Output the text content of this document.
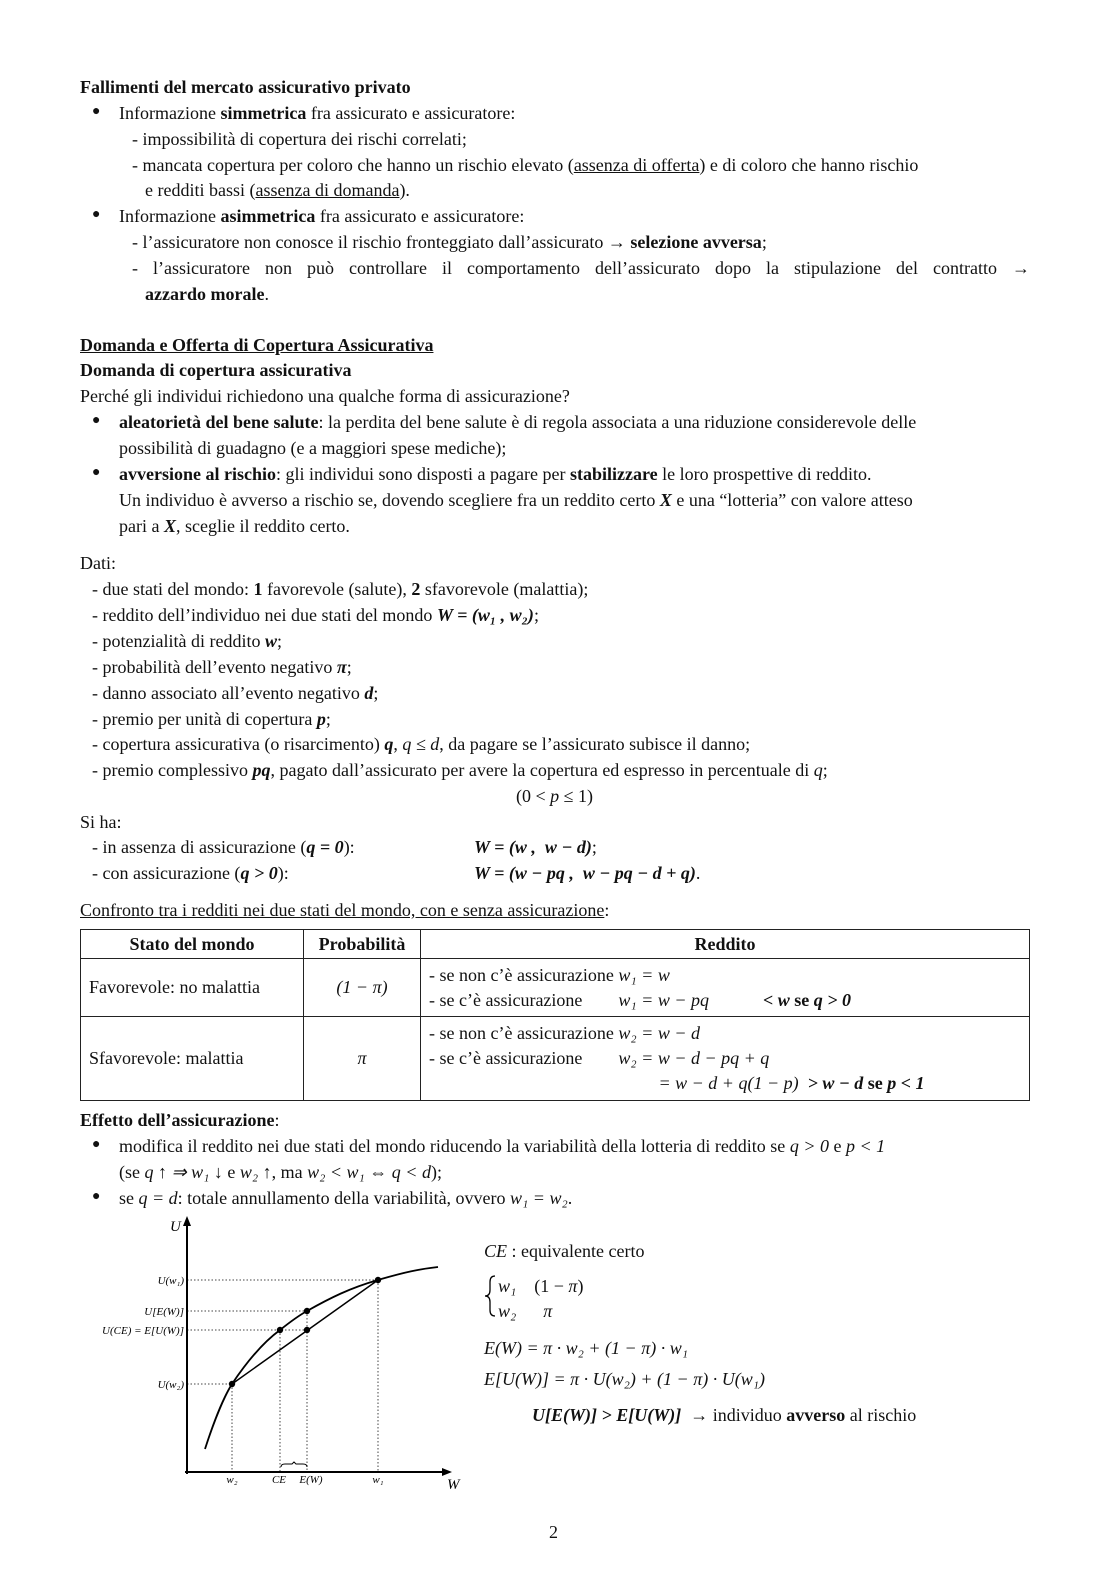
Fallimenti del mercato assicurativo privato
● Informazione simmetrica fra assicurato e assicuratore:
- impossibilità di copertura dei rischi correlati;
- mancata copertura per coloro che hanno un rischio elevato (assenza di offerta) e di coloro che hanno rischio
e redditi bassi (assenza di domanda).
● Informazione asimmetrica fra assicurato e assicuratore:
- l’assicuratore non conosce il rischio fronteggiato dall’assicurato → selezione avversa;
- l’assicuratore non può controllare il comportamento dell’assicurato dopo la stipulazione del contratto →
azzardo morale.
Domanda e Offerta di Copertura Assicurativa
Domanda di copertura assicurativa
Perché gli individui richiedono una qualche forma di assicurazione?
● aleatorietà del bene salute: la perdita del bene salute è di regola associata a una riduzione considerevole delle
possibilità di guadagno (e a maggiori spese mediche);
● avversione al rischio: gli individui sono disposti a pagare per stabilizzare le loro prospettive di reddito.
Un individuo è avverso a rischio se, dovendo scegliere fra un reddito certo X e una “lotteria” con valore atteso
pari a X, sceglie il reddito certo.
Dati:
- due stati del mondo: 1 favorevole (salute), 2 sfavorevole (malattia);
- reddito dell’individuo nei due stati del mondo W = (w₁ , w₂);
- potenzialità di reddito w;
- probabilità dell’evento negativo π;
- danno associato all’evento negativo d;
- premio per unità di copertura p;
- copertura assicurativa (o risarcimento) q, q ≤ d, da pagare se l’assicurato subisce il danno;
- premio complessivo pq, pagato dall’assicurato per avere la copertura ed espresso in percentuale di q;
(0 < p ≤ 1)
Si ha:
- in assenza di assicurazione (q = 0):	W = (w ,  w − d);
- con assicurazione (q > 0):	W = (w − pq ,  w − pq − d + q).
Confronto tra i redditi nei due stati del mondo, con e senza assicurazione:
Stato del mondo	Probabilità	Reddito
Favorevole: no malattia	(1 − π)	- se non c’è assicurazione w₁ = w
- se c’è assicurazione        w₁ = w − pq < w se q > 0

Sfavorevole: malattia	π	- se non c’è assicurazione w₂ = w − d
- se c’è assicurazione        w₂ = w − d − pq + q
= w − d + q(1 − p) > w − d se p < 1
Effetto dell’assicurazione:
● modifica il reddito nei due stati del mondo riducendo la variabilità della lotteria di reddito se q > 0 e p < 1
(se q ↑ ⇒ w₁ ↓ e w₂ ↑, ma w₂ < w₁ ⇔ q < d);
● se q = d: totale annullamento della variabilità, ovvero w₁ = w₂.
U
W
U(w₁)
U[E(W)]
U(CE) = E[U(W)]
U(w₂)
w₂	CE E(W)	w₁
CE : equivalente certo
w₁    (1 − π)
w₂ π
E(W) = π · w₂ + (1 − π) · w₁
E[U(W)] = π · U(w₂) + (1 − π) · U(w₁)
U[E(W)] > E[U(W)]  → individuo avverso al rischio
2
